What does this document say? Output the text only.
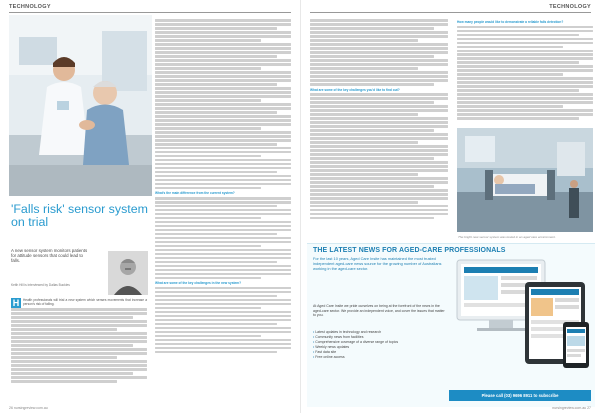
TECHNOLOGY
'Falls risk' sensor system on trial

A new sensor system monitors patients for attitude sensors that could lead to falls.

Keith Hill is interviewed by Dallas Buckles

H	Health professionals will trial a new system which senses movements that increase a person's risk of falling.

What's the main difference from the current system?

What are some of the key challenges in the new system?

26 nursingreview.com.au
TECHNOLOGY

What are some of the key challenges you'd like to find out?

How many people would like to demonstrate a reliable falls detection?

The bright new sensor system was tested in an aged care environment.

THE LATEST NEWS FOR AGED-CARE PROFESSIONALS

For the last 10 years, Aged Care Insite has maintained the most trusted independent aged-care news source for the growing number of Australians working in the aged-care sector.

At Aged Care Insite we pride ourselves on being at the forefront of the news in the aged-care sector. We provide an independent voice, and cover the issues that matter to you.

• Latest updates in technology and research
• Community news from facilities
• Comprehensive coverage of a diverse range of topics
• Weekly news updates
• Fast data site
• Free online access
Please call (03) 9696 8911 to subscribe
nursingreview.com.au 27
